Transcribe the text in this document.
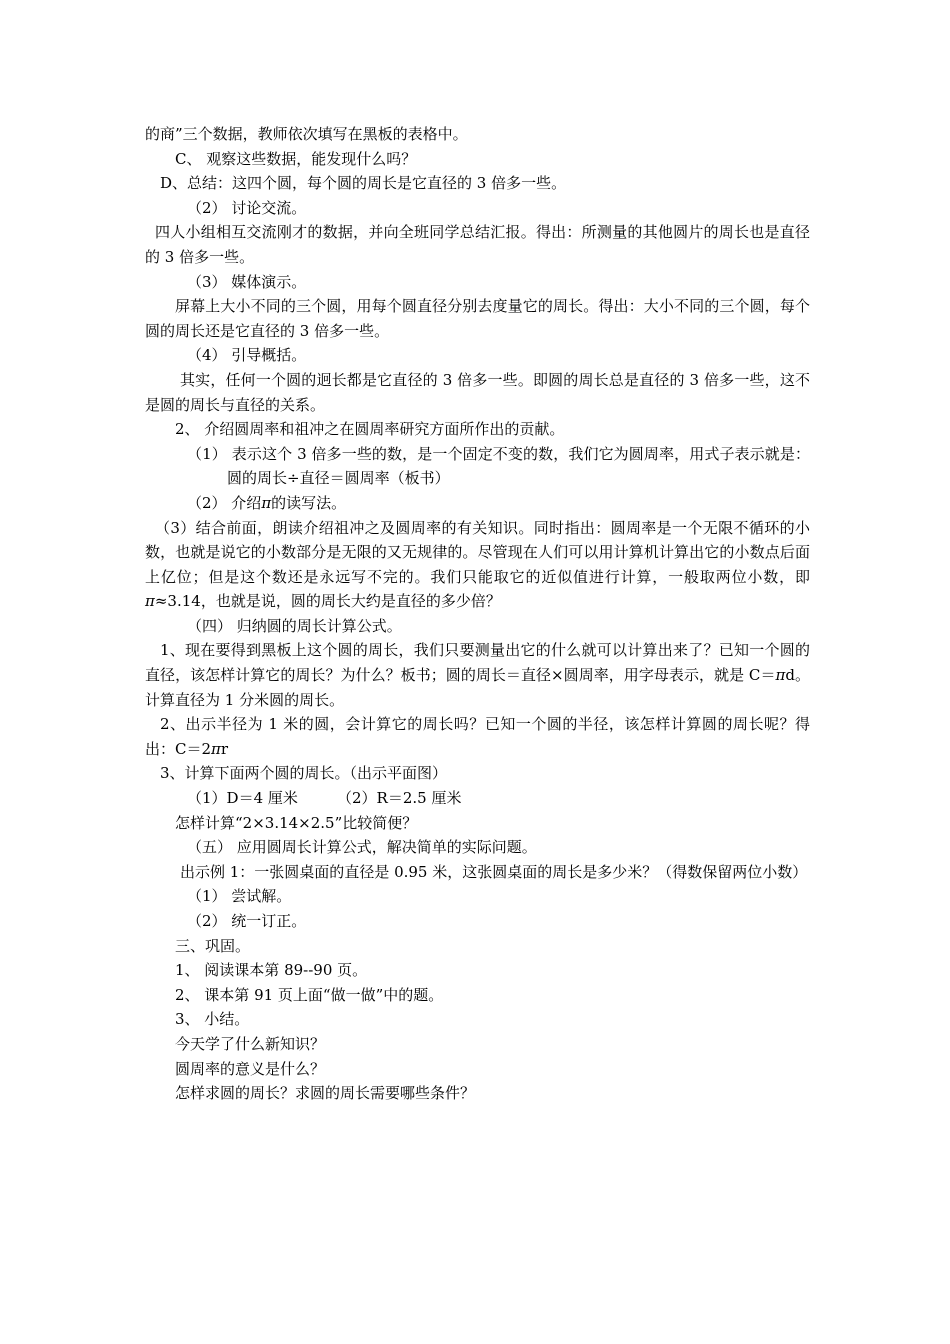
的商”三个数据，教师依次填写在黑板的表格中。

C、 观察这些数据，能发现什么吗？

D、总结：这四个圆，每个圆的周长是它直径的 3 倍多一些。

（2） 讨论交流。

四人小组相互交流刚才的数据，并向全班同学总结汇报。得出：所测量的其他圆片的周长也是直径的 3 倍多一些。

（3） 媒体演示。

屏幕上大小不同的三个圆，用每个圆直径分别去度量它的周长。得出：大小不同的三个圆，每个圆的周长还是它直径的 3 倍多一些。

（4） 引导概括。

其实，任何一个圆的迥长都是它直径的 3 倍多一些。即圆的周长总是直径的 3 倍多一些，这不是圆的周长与直径的关系。

2、 介绍圆周率和祖冲之在圆周率研究方面所作出的贡献。

（1） 表示这个 3 倍多一些的数，是一个固定不变的数，我们它为圆周率，用式子表示就是：圆的周长÷直径＝圆周率（板书）

（2） 介绍π的读写法。

（3）结合前面，朗读介绍祖冲之及圆周率的有关知识。同时指出：圆周率是一个无限不循环的小数，也就是说它的小数部分是无限的又无规律的。尽管现在人们可以用计算机计算出它的小数点后面上亿位；但是这个数还是永远写不完的。我们只能取它的近似值进行计算，一般取两位小数，即π≈3.14，也就是说，圆的周长大约是直径的多少倍？

（四） 归纳圆的周长计算公式。

1、现在要得到黑板上这个圆的周长，我们只要测量出它的什么就可以计算出来了？已知一个圆的直径，该怎样计算它的周长？为什么？板书；圆的周长＝直径×圆周率，用字母表示，就是 C＝πd。计算直径为 1 分米圆的周长。

2、出示半径为 1 米的圆，会计算它的周长吗？已知一个圆的半径，该怎样计算圆的周长呢？得出：C＝2πr

3、计算下面两个圆的周长。（出示平面图）

（1）D＝4 厘米	（2）R＝2.5 厘米

怎样计算“2×3.14×2.5”比较简便？

（五） 应用圆周长计算公式，解决简单的实际问题。

出示例 1：一张圆桌面的直径是 0.95 米，这张圆桌面的周长是多少米？（得数保留两位小数）

（1） 尝试解。

（2） 统一订正。

三、巩固。

1、 阅读课本第 89--90 页。

2、 课本第 91 页上面“做一做”中的题。

3、 小结。

今天学了什么新知识？

圆周率的意义是什么？

怎样求圆的周长？求圆的周长需要哪些条件？
